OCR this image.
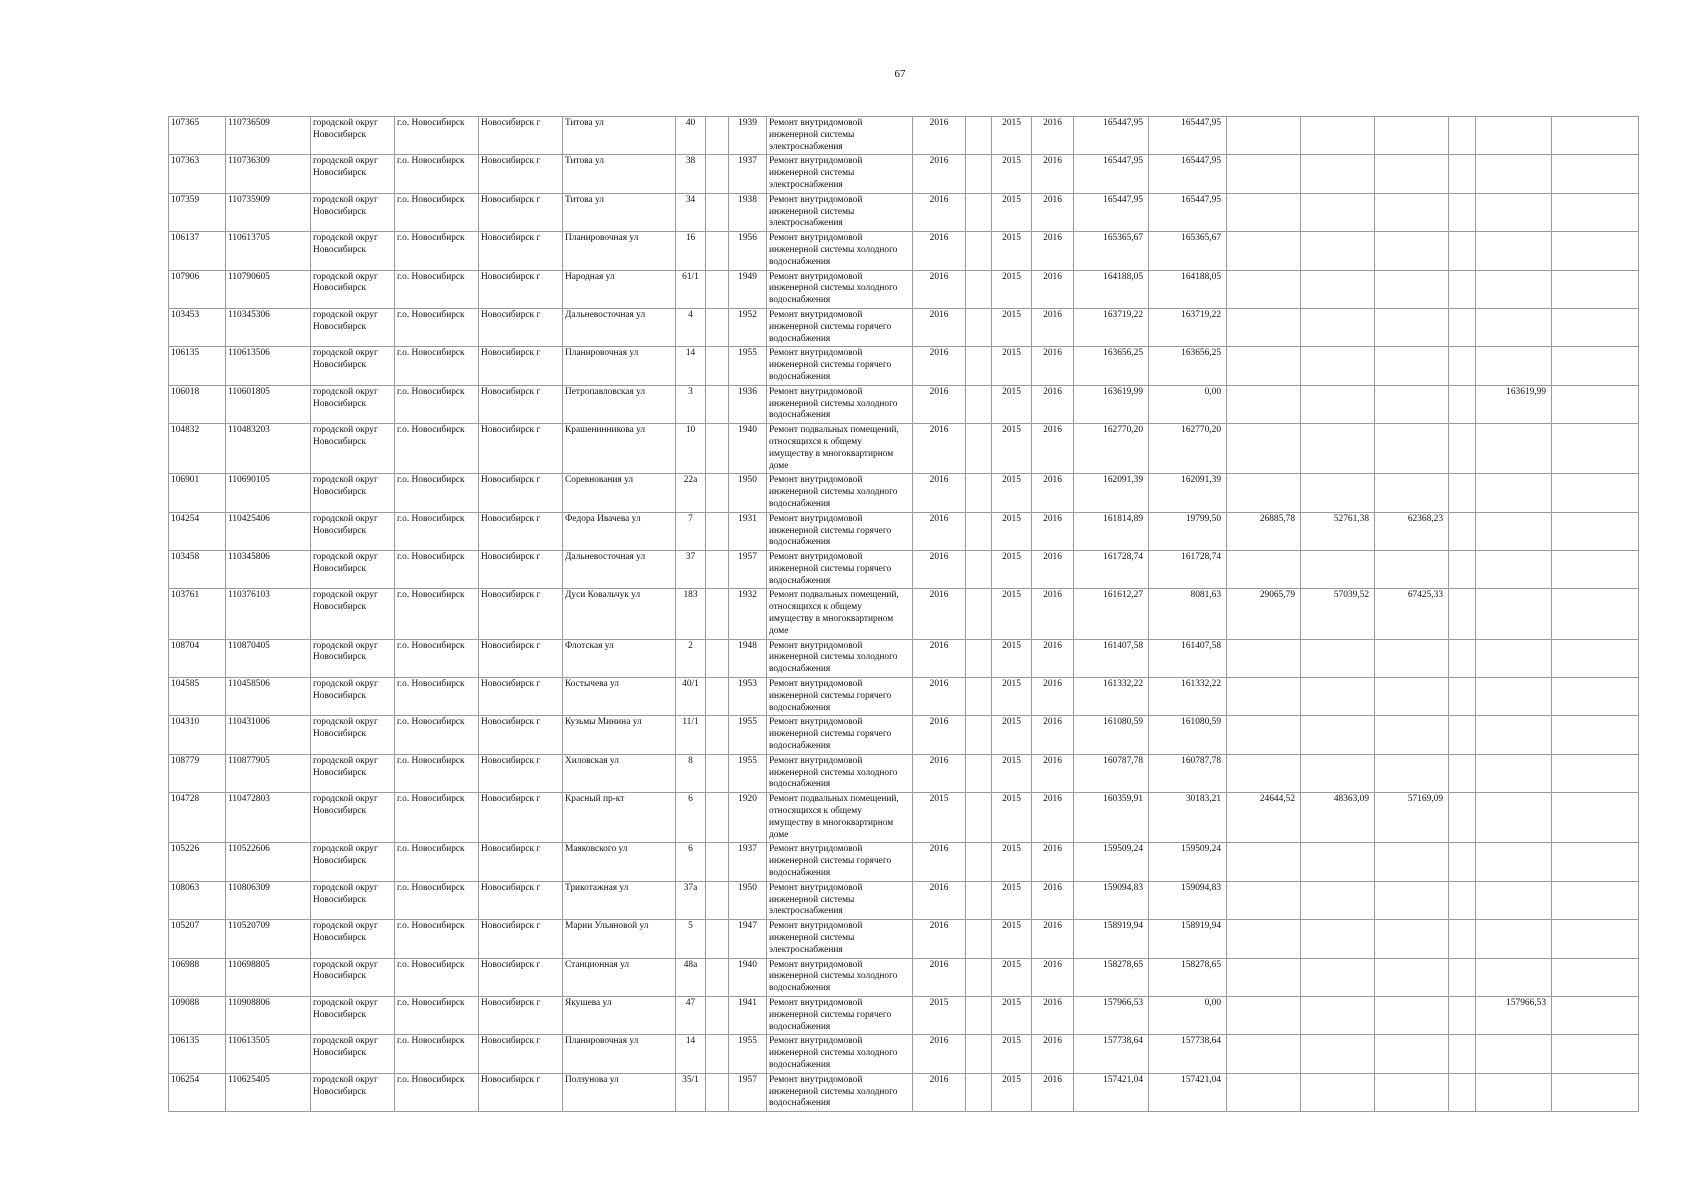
67
107365	110736509	городской округ
Новосибирск	г.о. Новосибирск	Новосибирск г	Титова ул	40		1939	Ремонт внутридомовой
инженерной системы
электроснабжения	2016		2015	2016	165447,95	165447,95						
107363	110736309	городской округ
Новосибирск	г.о. Новосибирск	Новосибирск г	Титова ул	38		1937	Ремонт внутридомовой
инженерной системы
электроснабжения	2016		2015	2016	165447,95	165447,95						
107359	110735909	городской округ
Новосибирск	г.о. Новосибирск	Новосибирск г	Титова ул	34		1938	Ремонт внутридомовой
инженерной системы
электроснабжения	2016		2015	2016	165447,95	165447,95						
106137	110613705	городской округ
Новосибирск	г.о. Новосибирск	Новосибирск г	Планировочная ул	16		1956	Ремонт внутридомовой
инженерной системы холодного
водоснабжения	2016		2015	2016	165365,67	165365,67						
107906	110790605	городской округ
Новосибирск	г.о. Новосибирск	Новосибирск г	Народная ул	61/1		1949	Ремонт внутридомовой
инженерной системы холодного
водоснабжения	2016		2015	2016	164188,05	164188,05						
103453	110345306	городской округ
Новосибирск	г.о. Новосибирск	Новосибирск г	Дальневосточная ул	4		1952	Ремонт внутридомовой
инженерной системы горячего
водоснабжения	2016		2015	2016	163719,22	163719,22						
106135	110613506	городской округ
Новосибирск	г.о. Новосибирск	Новосибирск г	Планировочная ул	14		1955	Ремонт внутридомовой
инженерной системы горячего
водоснабжения	2016		2015	2016	163656,25	163656,25						
106018	110601805	городской округ
Новосибирск	г.о. Новосибирск	Новосибирск г	Петропавловская ул	3		1936	Ремонт внутридомовой
инженерной системы холодного
водоснабжения	2016		2015	2016	163619,99	0,00					163619,99	
104832	110483203	городской округ
Новосибирск	г.о. Новосибирск	Новосибирск г	Крашенинникова ул	10		1940	Ремонт подвальных помещений,
относящихся к общему
имуществу в многоквартирном
доме	2016		2015	2016	162770,20	162770,20						
106901	110690105	городской округ
Новосибирск	г.о. Новосибирск	Новосибирск г	Соревнования ул	22а		1950	Ремонт внутридомовой
инженерной системы холодного
водоснабжения	2016		2015	2016	162091,39	162091,39						
104254	110425406	городской округ
Новосибирск	г.о. Новосибирск	Новосибирск г	Федора Ивачева ул	7		1931	Ремонт внутридомовой
инженерной системы горячего
водоснабжения	2016		2015	2016	161814,89	19799,50	26885,78	52761,38	62368,23			
103458	110345806	городской округ
Новосибирск	г.о. Новосибирск	Новосибирск г	Дальневосточная ул	37		1957	Ремонт внутридомовой
инженерной системы горячего
водоснабжения	2016		2015	2016	161728,74	161728,74						
103761	110376103	городской округ
Новосибирск	г.о. Новосибирск	Новосибирск г	Дуси Ковальчук ул	183		1932	Ремонт подвальных помещений,
относящихся к общему
имуществу в многоквартирном
доме	2016		2015	2016	161612,27	8081,63	29065,79	57039,52	67425,33			
108704	110870405	городской округ
Новосибирск	г.о. Новосибирск	Новосибирск г	Флотская ул	2		1948	Ремонт внутридомовой
инженерной системы холодного
водоснабжения	2016		2015	2016	161407,58	161407,58						
104585	110458506	городской округ
Новосибирск	г.о. Новосибирск	Новосибирск г	Костычева ул	40/1		1953	Ремонт внутридомовой
инженерной системы горячего
водоснабжения	2016		2015	2016	161332,22	161332,22						
104310	110431006	городской округ
Новосибирск	г.о. Новосибирск	Новосибирск г	Кузьмы Минина ул	11/1		1955	Ремонт внутридомовой
инженерной системы горячего
водоснабжения	2016		2015	2016	161080,59	161080,59						
108779	110877905	городской округ
Новосибирск	г.о. Новосибирск	Новосибирск г	Хиловская ул	8		1955	Ремонт внутридомовой
инженерной системы холодного
водоснабжения	2016		2015	2016	160787,78	160787,78						
104728	110472803	городской округ
Новосибирск	г.о. Новосибирск	Новосибирск г	Красный пр-кт	6		1920	Ремонт подвальных помещений,
относящихся к общему
имуществу в многоквартирном
доме	2015		2015	2016	160359,91	30183,21	24644,52	48363,09	57169,09			
105226	110522606	городской округ
Новосибирск	г.о. Новосибирск	Новосибирск г	Маяковского ул	6		1937	Ремонт внутридомовой
инженерной системы горячего
водоснабжения	2016		2015	2016	159509,24	159509,24						
108063	110806309	городской округ
Новосибирск	г.о. Новосибирск	Новосибирск г	Трикотажная ул	37а		1950	Ремонт внутридомовой
инженерной системы
электроснабжения	2016		2015	2016	159094,83	159094,83						
105207	110520709	городской округ
Новосибирск	г.о. Новосибирск	Новосибирск г	Марии Ульяновой ул	5		1947	Ремонт внутридомовой
инженерной системы
электроснабжения	2016		2015	2016	158919,94	158919,94						
106988	110698805	городской округ
Новосибирск	г.о. Новосибирск	Новосибирск г	Станционная ул	48а		1940	Ремонт внутридомовой
инженерной системы холодного
водоснабжения	2016		2015	2016	158278,65	158278,65						
109088	110908806	городской округ
Новосибирск	г.о. Новосибирск	Новосибирск г	Якушева ул	47		1941	Ремонт внутридомовой
инженерной системы горячего
водоснабжения	2015		2015	2016	157966,53	0,00					157966,53	
106135	110613505	городской округ
Новосибирск	г.о. Новосибирск	Новосибирск г	Планировочная ул	14		1955	Ремонт внутридомовой
инженерной системы холодного
водоснабжения	2016		2015	2016	157738,64	157738,64						
106254	110625405	городской округ
Новосибирск	г.о. Новосибирск	Новосибирск г	Ползунова ул	35/1		1957	Ремонт внутридомовой
инженерной системы холодного
водоснабжения	2016		2015	2016	157421,04	157421,04						
